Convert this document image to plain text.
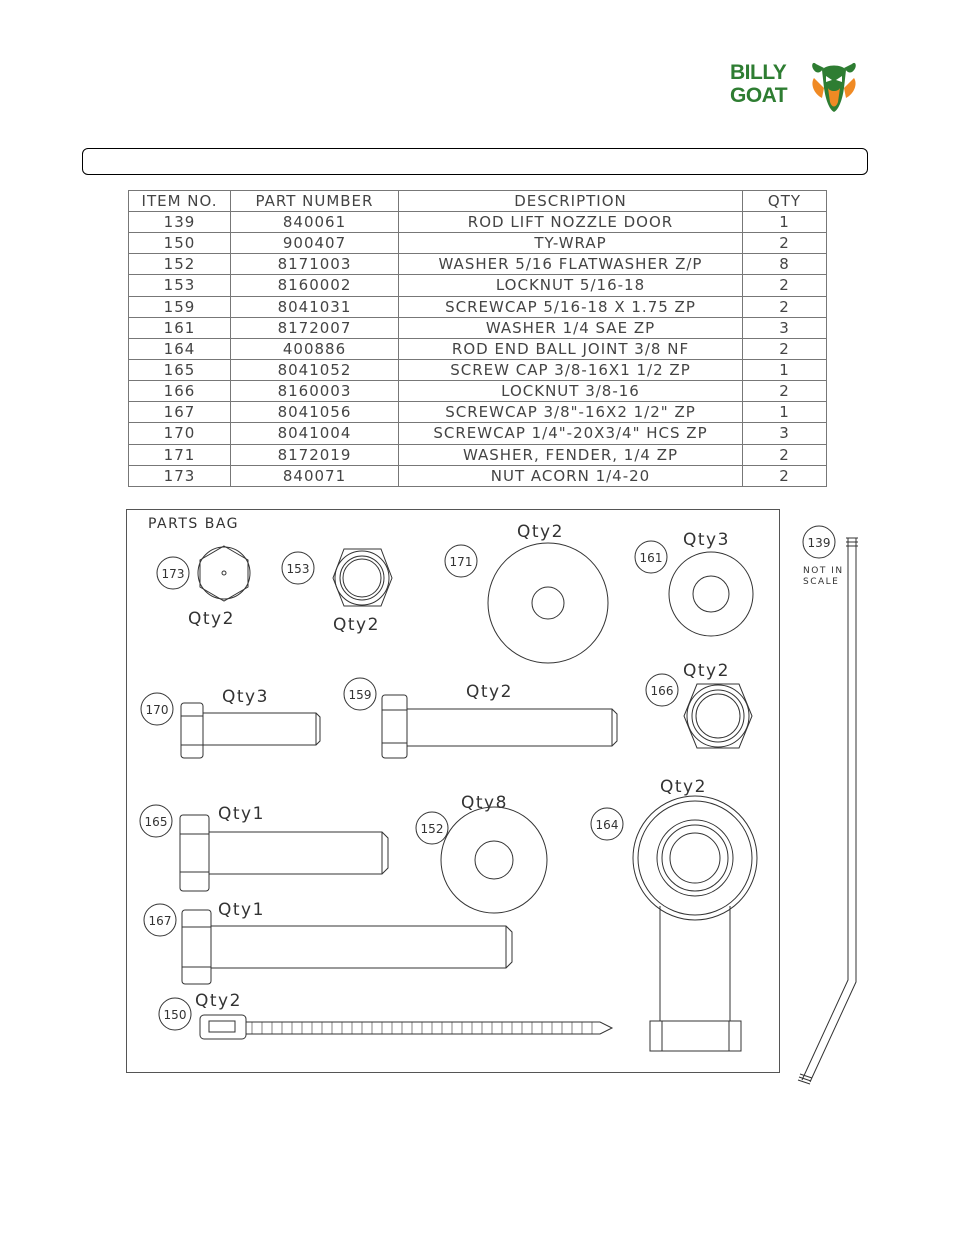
BILLY
GOAT
ITEM NO.	PART NUMBER	DESCRIPTION	QTY
139	840061	ROD LIFT NOZZLE DOOR	1
150	900407	TY-WRAP	2
152	8171003	WASHER 5/16 FLATWASHER Z/P	8
153	8160002	LOCKNUT 5/16-18	2
159	8041031	SCREWCAP 5/16-18 X 1.75 ZP	2
161	8172007	WASHER 1/4 SAE ZP	3
164	400886	ROD END BALL JOINT 3/8 NF	2
165	8041052	SCREW CAP 3/8-16X1 1/2 ZP	1
166	8160003	LOCKNUT 3/8-16	2
167	8041056	SCREWCAP 3/8"-16X2 1/2" ZP	1
170	8041004	SCREWCAP 1/4"-20X3/4" HCS ZP	3
171	8172019	WASHER, FENDER, 1/4 ZP	2
173	840071	NUT ACORN 1/4-20	2
173	153	171	161
170
159	166
165	152	164
167
150
139
PARTS BAG
NOT IN
SCALE
Qty2	Qty2
Qty2	Qty3
Qty3	Qty2
Qty2
Qty1
Qty8
Qty2
Qty1
Qty2
